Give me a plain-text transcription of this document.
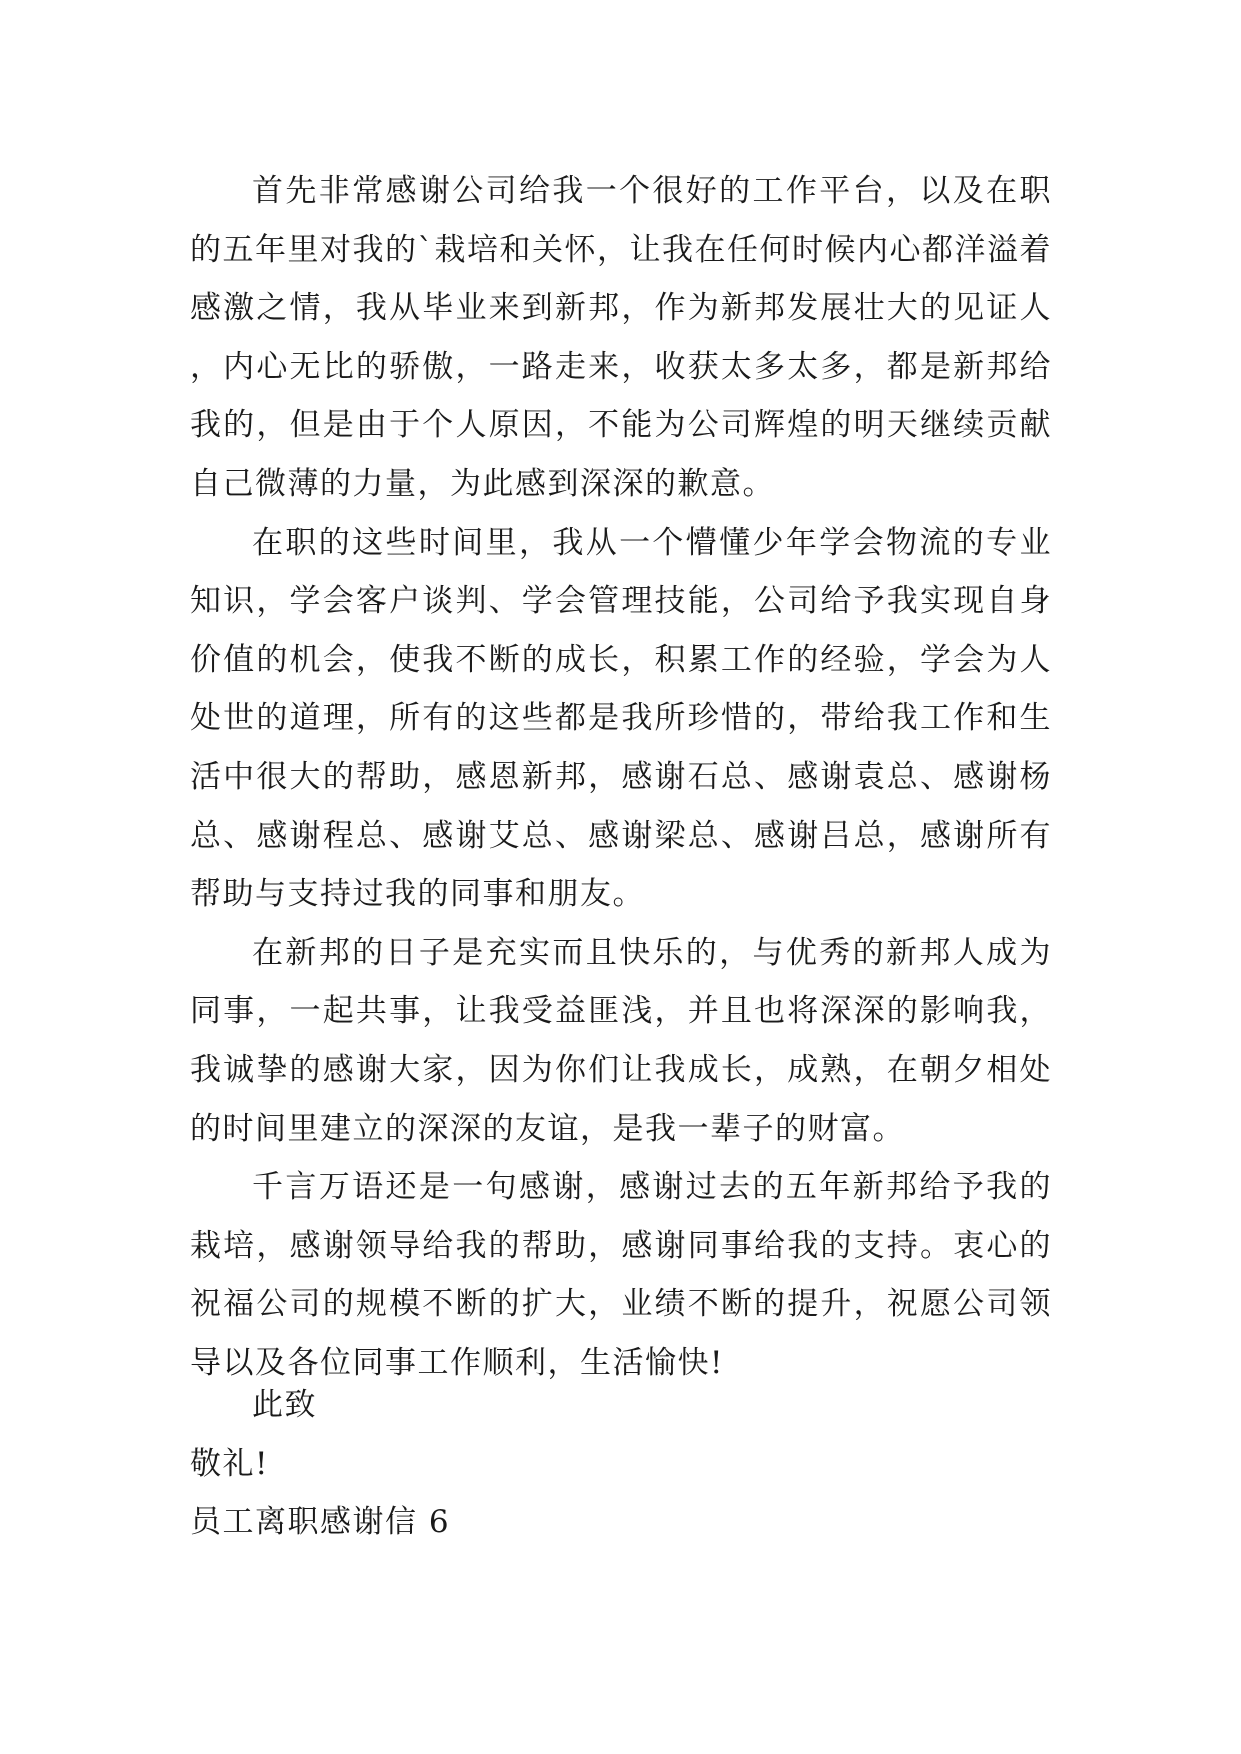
首先非常感谢公司给我一个很好的工作平台，以及在职的五年里对我的`栽培和关怀，让我在任何时候内心都洋溢着感激之情，我从毕业来到新邦，作为新邦发展壮大的见证人，内心无比的骄傲，一路走来，收获太多太多，都是新邦给我的，但是由于个人原因，不能为公司辉煌的明天继续贡献自己微薄的力量，为此感到深深的歉意。

在职的这些时间里，我从一个懵懂少年学会物流的专业知识，学会客户谈判、学会管理技能，公司给予我实现自身价值的机会，使我不断的成长，积累工作的经验，学会为人处世的道理，所有的这些都是我所珍惜的，带给我工作和生活中很大的帮助，感恩新邦，感谢石总、感谢袁总、感谢杨总、感谢程总、感谢艾总、感谢梁总、感谢吕总，感谢所有帮助与支持过我的同事和朋友。

在新邦的日子是充实而且快乐的，与优秀的新邦人成为同事，一起共事，让我受益匪浅，并且也将深深的影响我，我诚挚的感谢大家，因为你们让我成长，成熟，在朝夕相处的时间里建立的深深的友谊，是我一辈子的财富。

千言万语还是一句感谢，感谢过去的五年新邦给予我的栽培，感谢领导给我的帮助，感谢同事给我的支持。衷心的祝福公司的规模不断的扩大，业绩不断的提升，祝愿公司领导以及各位同事工作顺利，生活愉快!

此致
敬礼!
员工离职感谢信 6
